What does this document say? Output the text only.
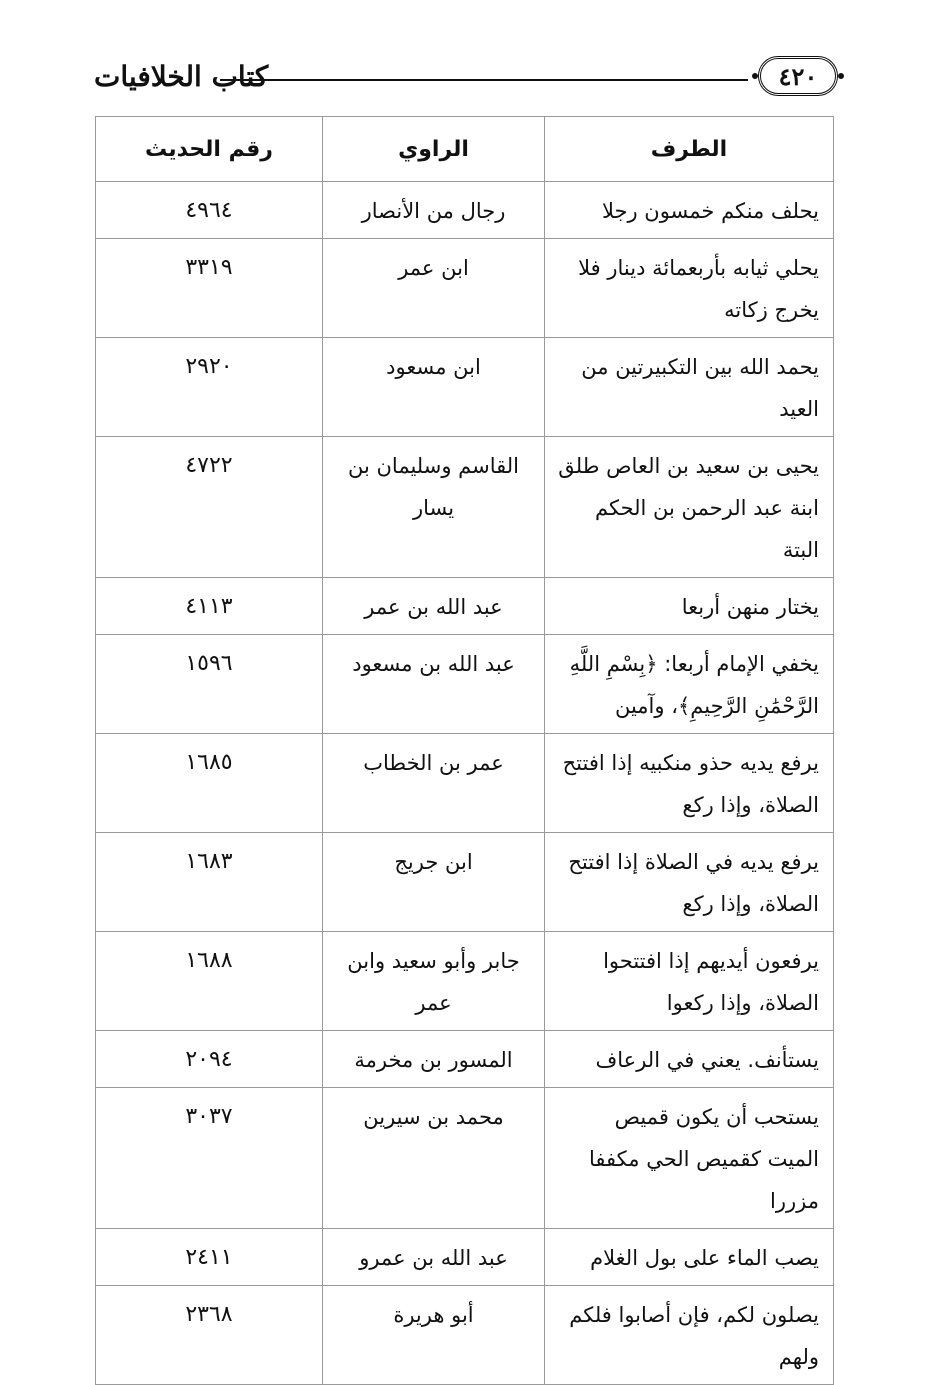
كتاب الخلافيات	٤٢٠
الطرف	الراوي	رقم الحديث
يحلف منكم خمسون رجلا	رجال من الأنصار	٤٩٦٤
يحلي ثيابه بأربعمائة دينار فلا يخرج زكاته	ابن عمر	٣٣١٩
يحمد الله بين التكبيرتين من العيد	ابن مسعود	٢٩٢٠
يحيى بن سعيد بن العاص طلق ابنة عبد الرحمن بن الحكم البتة	القاسم وسليمان بن يسار	٤٧٢٢
يختار منهن أربعا	عبد الله بن عمر	٤١١٣
يخفي الإمام أربعا: ﴿بِسْمِ اللَّهِ الرَّحْمَٰنِ الرَّحِيمِ﴾، وآمين	عبد الله بن مسعود	١٥٩٦
يرفع يديه حذو منكبيه إذا افتتح الصلاة، وإذا ركع	عمر بن الخطاب	١٦٨٥
يرفع يديه في الصلاة إذا افتتح الصلاة، وإذا ركع	ابن جريج	١٦٨٣
يرفعون أيديهم إذا افتتحوا الصلاة، وإذا ركعوا	جابر وأبو سعيد وابن عمر	١٦٨٨
يستأنف. يعني في الرعاف	المسور بن مخرمة	٢٠٩٤
يستحب أن يكون قميص الميت كقميص الحي مكففا مزررا	محمد بن سيرين	٣٠٣٧
يصب الماء على بول الغلام	عبد الله بن عمرو	٢٤١١
يصلون لكم، فإن أصابوا فلكم ولهم	أبو هريرة	٢٣٦٨
